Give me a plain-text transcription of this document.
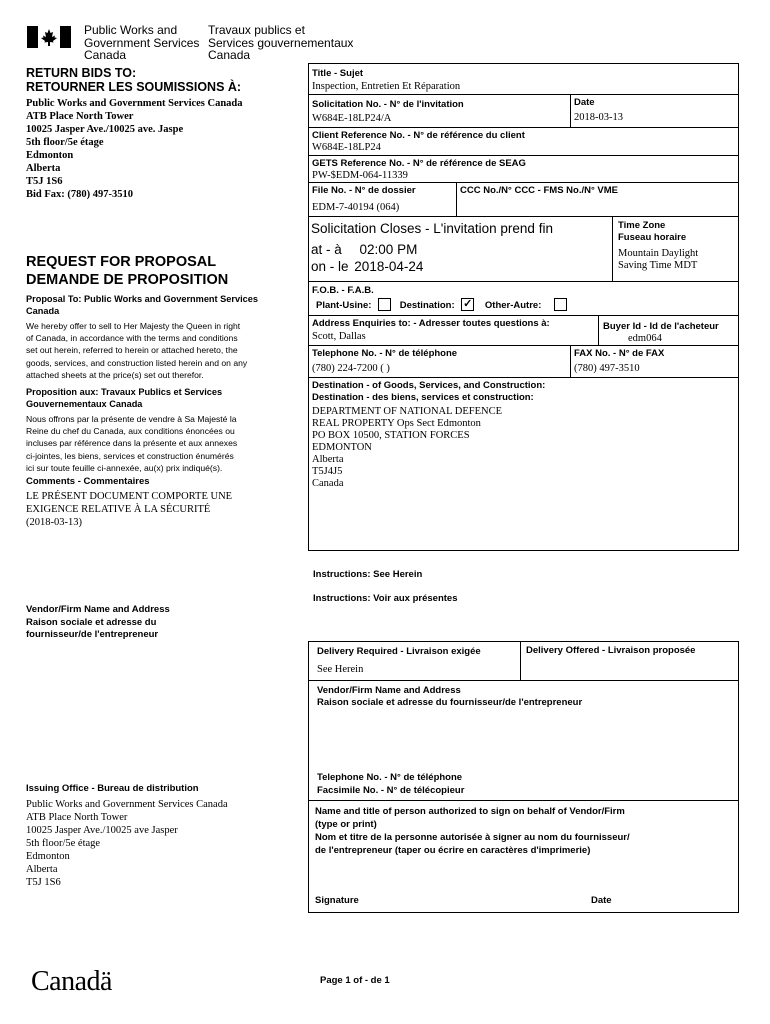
Public Works and
Government Services
Canada
Travaux publics et
Services gouvernementaux
Canada
RETURN BIDS TO:
RETOURNER LES SOUMISSIONS À:
Public Works and Government Services Canada
ATB Place North Tower
10025 Jasper Ave./10025 ave. Jaspe
5th floor/5e étage
Edmonton
Alberta
T5J 1S6
Bid Fax: (780) 497-3510
REQUEST FOR PROPOSAL
DEMANDE DE PROPOSITION
Proposal To: Public Works and Government Services Canada
We hereby offer to sell to Her Majesty the Queen in right
of Canada, in accordance with the terms and conditions
set out herein, referred to herein or attached hereto, the
goods, services, and construction listed herein and on any
attached sheets at the price(s) set out therefor.
Proposition aux: Travaux Publics et Services Gouvernementaux Canada
Nous offrons par la présente de vendre à Sa Majesté la
Reine du chef du Canada, aux conditions énoncées ou
incluses par référence dans la présente et aux annexes
ci-jointes, les biens, services et construction énumérés
ici sur toute feuille ci-annexée, au(x) prix indiqué(s).
Comments - Commentaires
LE PRÉSENT DOCUMENT COMPORTE UNE
EXIGENCE RELATIVE À LA SÉCURITÉ
(2018-03-13)
Vendor/Firm Name and Address
Raison sociale et adresse du
fournisseur/de l'entrepreneur
Issuing Office - Bureau de distribution
Public Works and Government Services Canada
ATB Place North Tower
10025 Jasper Ave./10025 ave Jasper
5th floor/5e étage
Edmonton
Alberta
T5J 1S6
Title - Sujet
Inspection, Entretien Et Réparation
Solicitation No. - N° de l'invitation
W684E-18LP24/A
Date
2018-03-13
Client Reference No. - N° de référence du client
W684E-18LP24
GETS Reference No. - N° de référence de SEAG
PW-$EDM-064-11339
File No. - N° de dossier
EDM-7-40194 (064)
CCC No./N° CCC - FMS No./N° VME
Solicitation Closes - L'invitation prend fin
at - à 02:00 PM
on - le 2018-04-24
Time Zone
Fuseau horaire
Mountain Daylight
Saving Time MDT
F.O.B. - F.A.B.
Plant-Usine:	Destination: ✓ Other-Autre:
Address Enquiries to: - Adresser toutes questions à:
Scott, Dallas
Buyer Id - Id de l'acheteur
edm064
Telephone No. - N° de téléphone
(780) 224-7200 ( )
FAX No. - N° de FAX
(780) 497-3510
Destination - of Goods, Services, and Construction:
Destination - des biens, services et construction:
DEPARTMENT OF NATIONAL DEFENCE
REAL PROPERTY Ops Sect Edmonton
PO BOX 10500, STATION FORCES
EDMONTON
Alberta
T5J4J5
Canada
Instructions: See Herein
Instructions: Voir aux présentes
Delivery Required - Livraison exigée
See Herein
Delivery Offered - Livraison proposée
Vendor/Firm Name and Address
Raison sociale et adresse du fournisseur/de l'entrepreneur
Telephone No. - N° de téléphone
Facsimile No. - N° de télécopieur
Name and title of person authorized to sign on behalf of Vendor/Firm
(type or print)
Nom et titre de la personne autorisée à signer au nom du fournisseur/
de l'entrepreneur (taper ou écrire en caractères d'imprimerie)
Signature	Date
Canadä	Page 1 of - de 1
